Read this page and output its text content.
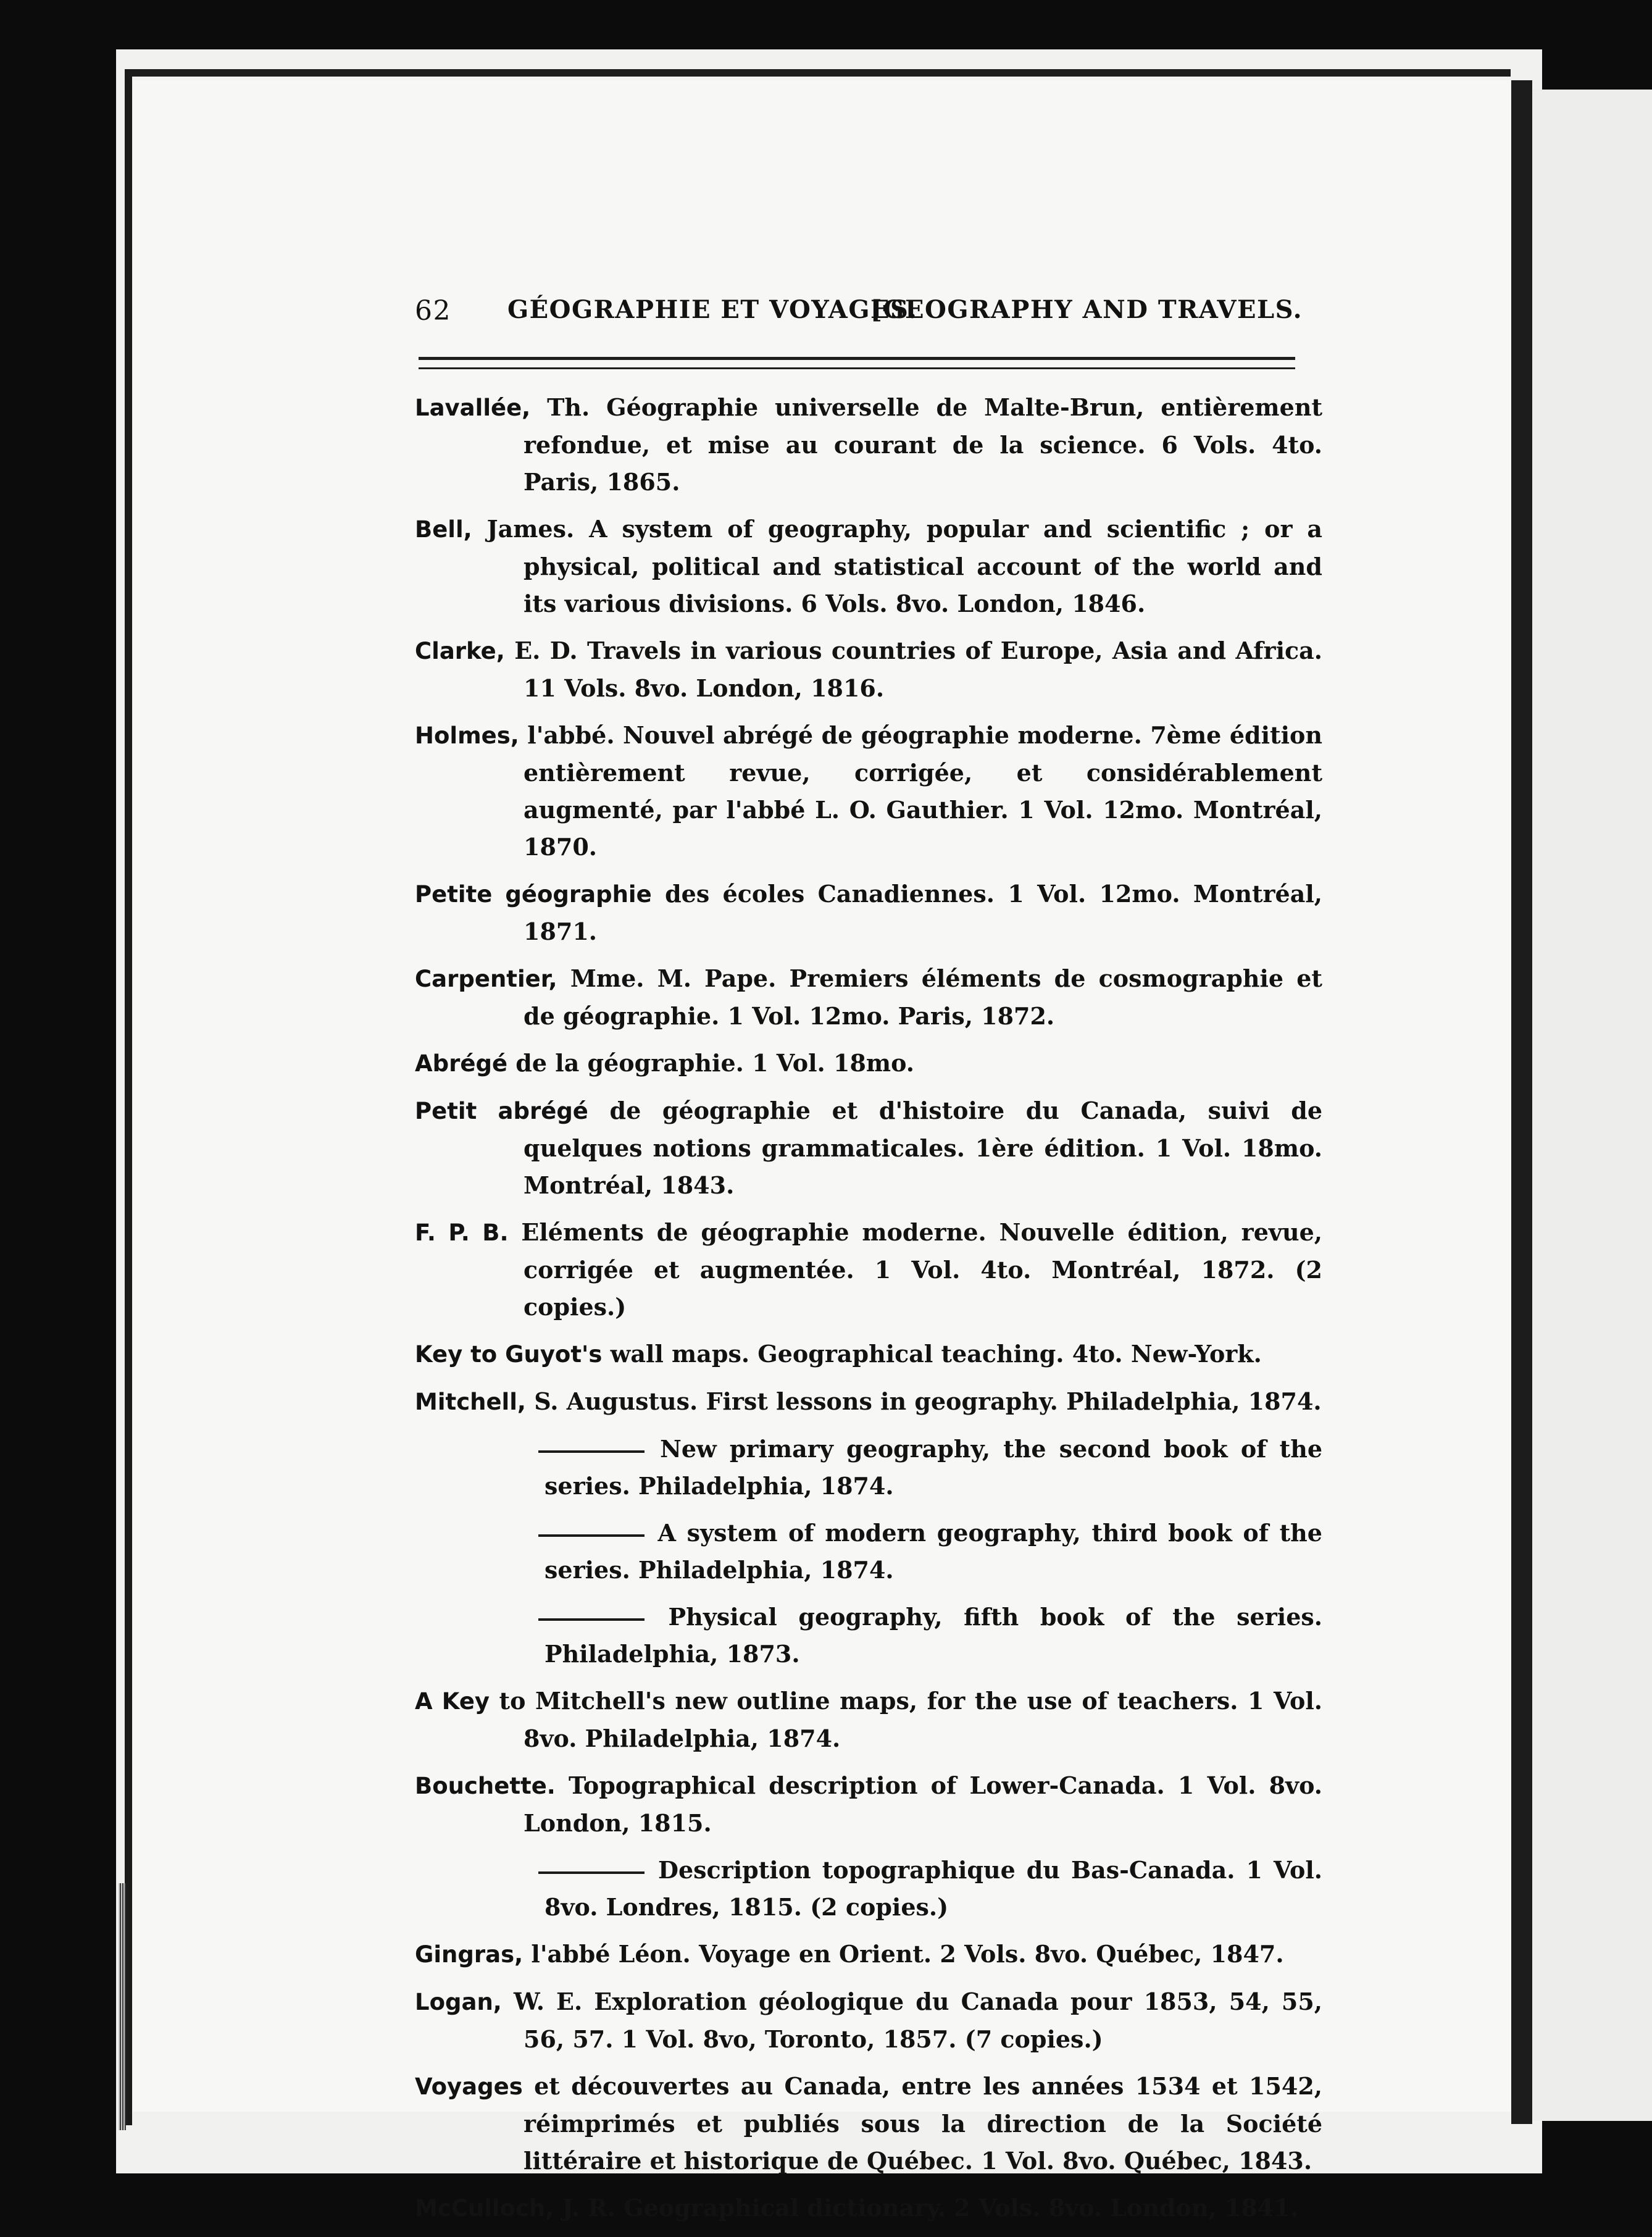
62 GÉOGRAPHIE ET VOYAGES.
[GEOGRAPHY AND TRAVELS.
Lavallée, Th. Géographie universelle de Malte-Brun, entièrement refondue, et mise au courant de la science. 6 Vols. 4to. Paris, 1865.
Bell, James. A system of geography, popular and scientific ; or a physical, political and statistical account of the world and its various divisions. 6 Vols. 8vo. London, 1846.
Clarke, E. D. Travels in various countries of Europe, Asia and Africa. 11 Vols. 8vo. London, 1816.
Holmes, l'abbé. Nouvel abrégé de géographie moderne. 7ème édition entièrement revue, corrigée, et considérablement augmenté, par l'abbé L. O. Gauthier. 1 Vol. 12mo. Montréal, 1870.
Petite géographie des écoles Canadiennes. 1 Vol. 12mo. Montréal, 1871.
Carpentier, Mme. M. Pape. Premiers éléments de cosmographie et de géographie. 1 Vol. 12mo. Paris, 1872.
Abrégé de la géographie. 1 Vol. 18mo.
Petit abrégé de géographie et d'histoire du Canada, suivi de quelques notions grammaticales. 1ère édition. 1 Vol. 18mo. Montréal, 1843.
F. P. B. Eléments de géographie moderne. Nouvelle édition, revue, corrigée et augmentée. 1 Vol. 4to. Montréal, 1872. (2 copies.)
Key to Guyot's wall maps. Geographical teaching. 4to. New-York.
Mitchell, S. Augustus. First lessons in geography. Philadelphia, 1874.
New primary geography, the second book of the series. Philadelphia, 1874.
A system of modern geography, third book of the series. Philadelphia, 1874.
Physical geography, fifth book of the series. Philadelphia, 1873.
A Key to Mitchell's new outline maps, for the use of teachers. 1 Vol. 8vo. Philadelphia, 1874.
Bouchette. Topographical description of Lower-Canada. 1 Vol. 8vo. London, 1815.
Description topographique du Bas-Canada. 1 Vol. 8vo. Londres, 1815. (2 copies.)
Gingras, l'abbé Léon. Voyage en Orient. 2 Vols. 8vo. Québec, 1847.
Logan, W. E. Exploration géologique du Canada pour 1853, 54, 55, 56, 57. 1 Vol. 8vo, Toronto, 1857. (7 copies.)
Voyages et découvertes au Canada, entre les années 1534 et 1542, réimprimés et publiés sous la direction de la Société littéraire et historique de Québec. 1 Vol. 8vo. Québec, 1843.
McCulloch, J. R. Geographical dictionary. 2 Vols. 8vo. London, 1841.
